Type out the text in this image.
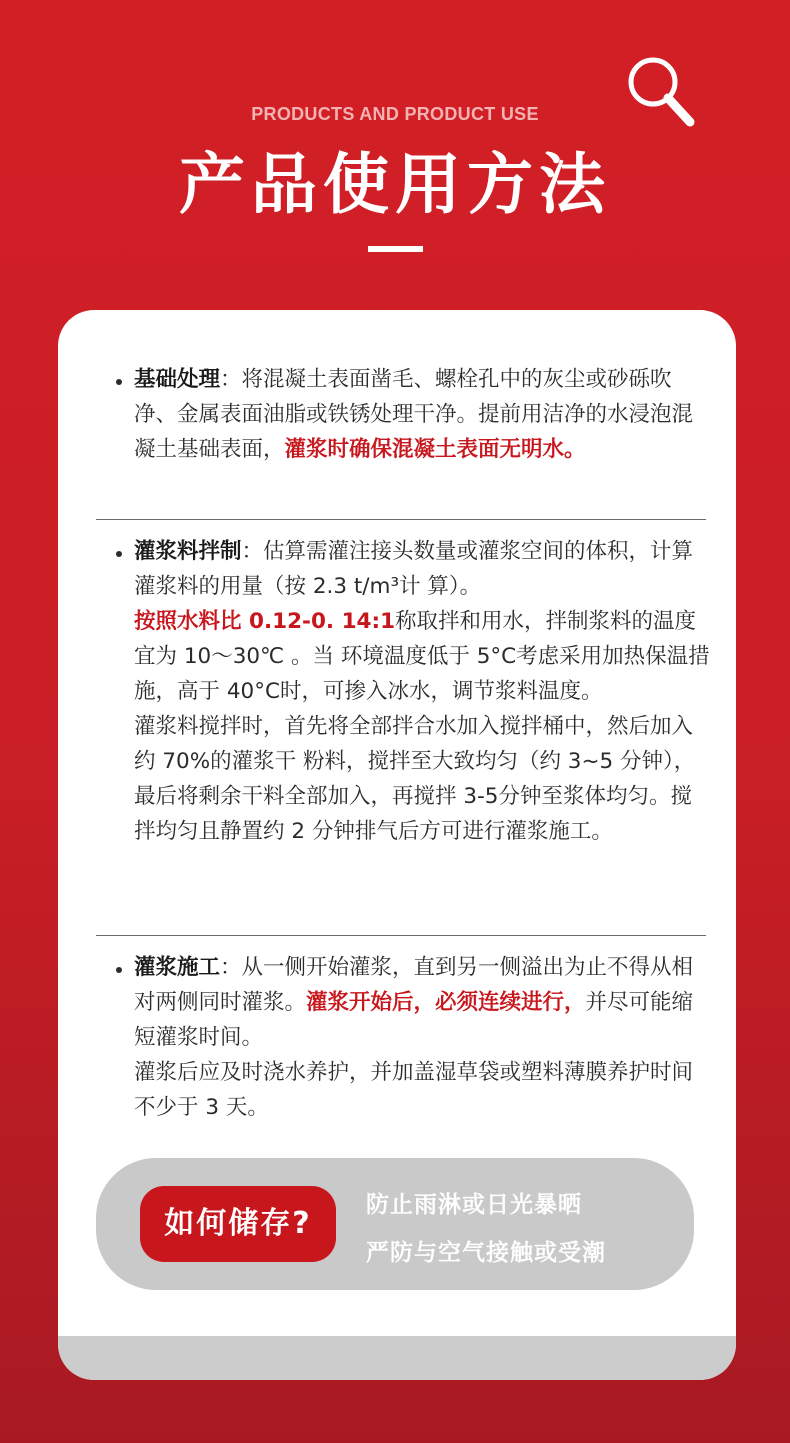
PRODUCTS AND PRODUCT USE
产品使用方法
基础处理：将混凝土表面凿毛、螺栓孔中的灰尘或砂砾吹净、金属表面油脂或铁锈处理干净。提前用洁净的水浸泡混凝土基础表面，灌浆时确保混凝土表面无明水。
灌浆料拌制：估算需灌注接头数量或灌浆空间的体积，计算灌浆料的用量（按 2.3 t/m³计 算）。
按照水料比 0.12-0. 14:1称取拌和用水，拌制浆料的温度宜为 10～30℃ 。当 环境温度低于 5°C考虑采用加热保温措施，高于 40°C时，可掺入冰水，调节浆料温度。
灌浆料搅拌时，首先将全部拌合水加入搅拌桶中，然后加入约 70%的灌浆干 粉料，搅拌至大致均匀（约 3~5 分钟），最后将剩余干料全部加入，再搅拌 3-5分钟至浆体均匀。搅拌均匀且静置约 2 分钟排气后方可进行灌浆施工。
灌浆施工：从一侧开始灌浆，直到另一侧溢出为止不得从相对两侧同时灌浆。灌浆开始后，必须连续进行，并尽可能缩短灌浆时间。
灌浆后应及时浇水养护，并加盖湿草袋或塑料薄膜养护时间不少于 3 天。
如何储存?
防止雨淋或日光暴晒
严防与空气接触或受潮
